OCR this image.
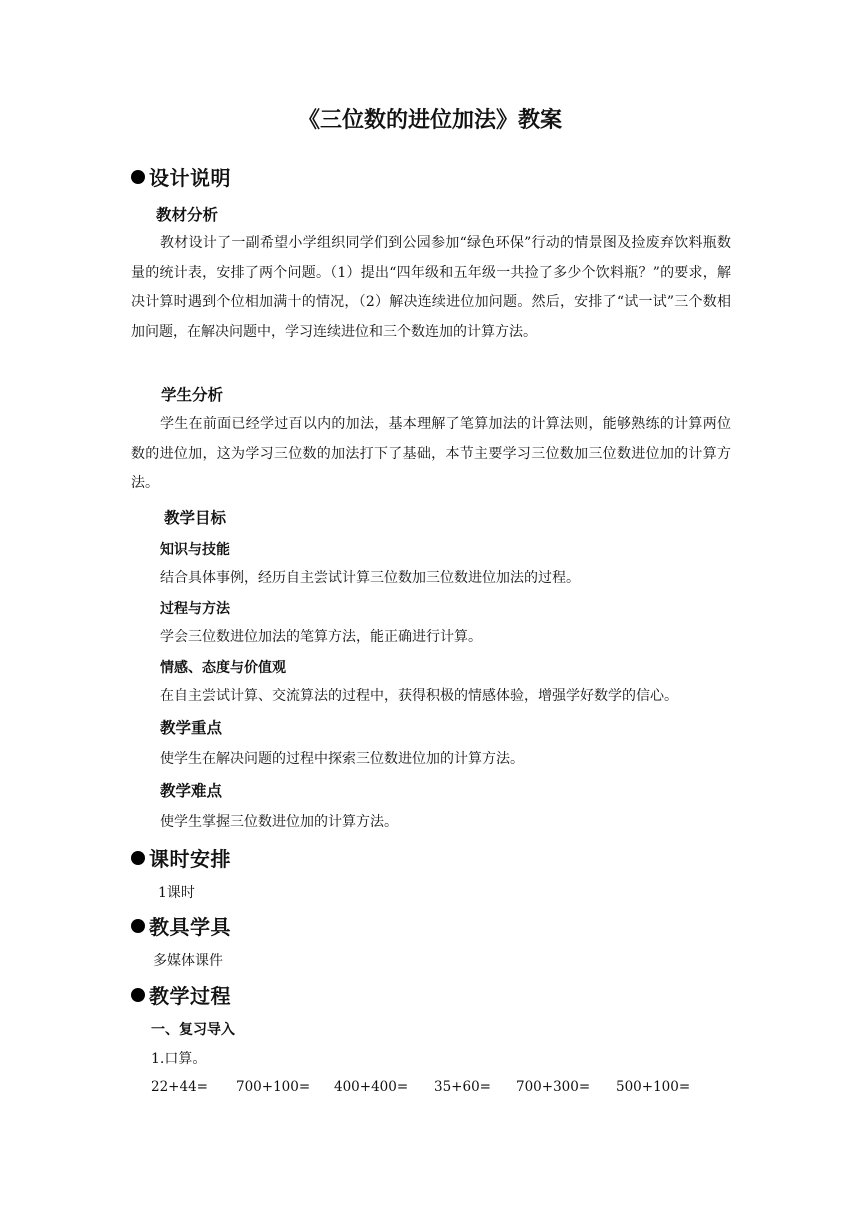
《三位数的进位加法》教案
设计说明
教材分析
教材设计了一副希望小学组织同学们到公园参加“绿色环保”行动的情景图及捡废弃饮料瓶数量的统计表，安排了两个问题。（1）提出“四年级和五年级一共捡了多少个饮料瓶？”的要求，解决计算时遇到个位相加满十的情况，（2）解决连续进位加问题。然后，安排了“试一试”三个数相加问题，在解决问题中，学习连续进位和三个数连加的计算方法。
学生分析
学生在前面已经学过百以内的加法，基本理解了笔算加法的计算法则，能够熟练的计算两位数的进位加，这为学习三位数的加法打下了基础，本节主要学习三位数加三位数进位加的计算方法。
教学目标
知识与技能
结合具体事例，经历自主尝试计算三位数加三位数进位加法的过程。
过程与方法
学会三位数进位加法的笔算方法，能正确进行计算。
情感、态度与价值观
在自主尝试计算、交流算法的过程中，获得积极的情感体验，增强学好数学的信心。
教学重点
使学生在解决问题的过程中探索三位数进位加的计算方法。
教学难点
使学生掌握三位数进位加的计算方法。
课时安排
1课时
教具学具
多媒体课件
教学过程
一、复习导入
1.口算。
22+44= 700+100= 400+400= 35+60= 700+300= 500+100=
